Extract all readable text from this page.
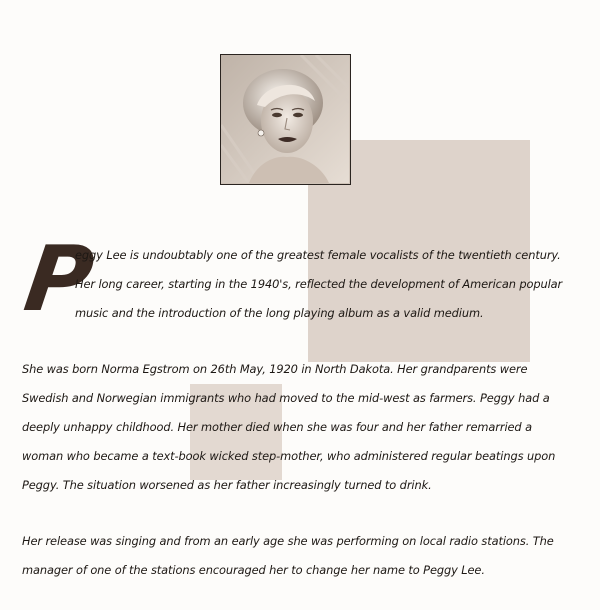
P
eggy Lee is undoubtably one of the greatest female vocalists of the twentieth century.
Her long career, starting in the 1940's, reflected the development of American popular
music and the introduction of the long playing album as a valid medium.
She was born Norma Egstrom on 26th May, 1920 in North Dakota. Her grandparents were
Swedish and Norwegian immigrants who had moved to the mid-west as farmers. Peggy had a
deeply unhappy childhood. Her mother died when she was four and her father remarried a
woman who became a text-book wicked step-mother, who administered regular beatings upon
Peggy. The situation worsened as her father increasingly turned to drink.
Her release was singing and from an early age she was performing on local radio stations. The
manager of one of the stations encouraged her to change her name to Peggy Lee.
